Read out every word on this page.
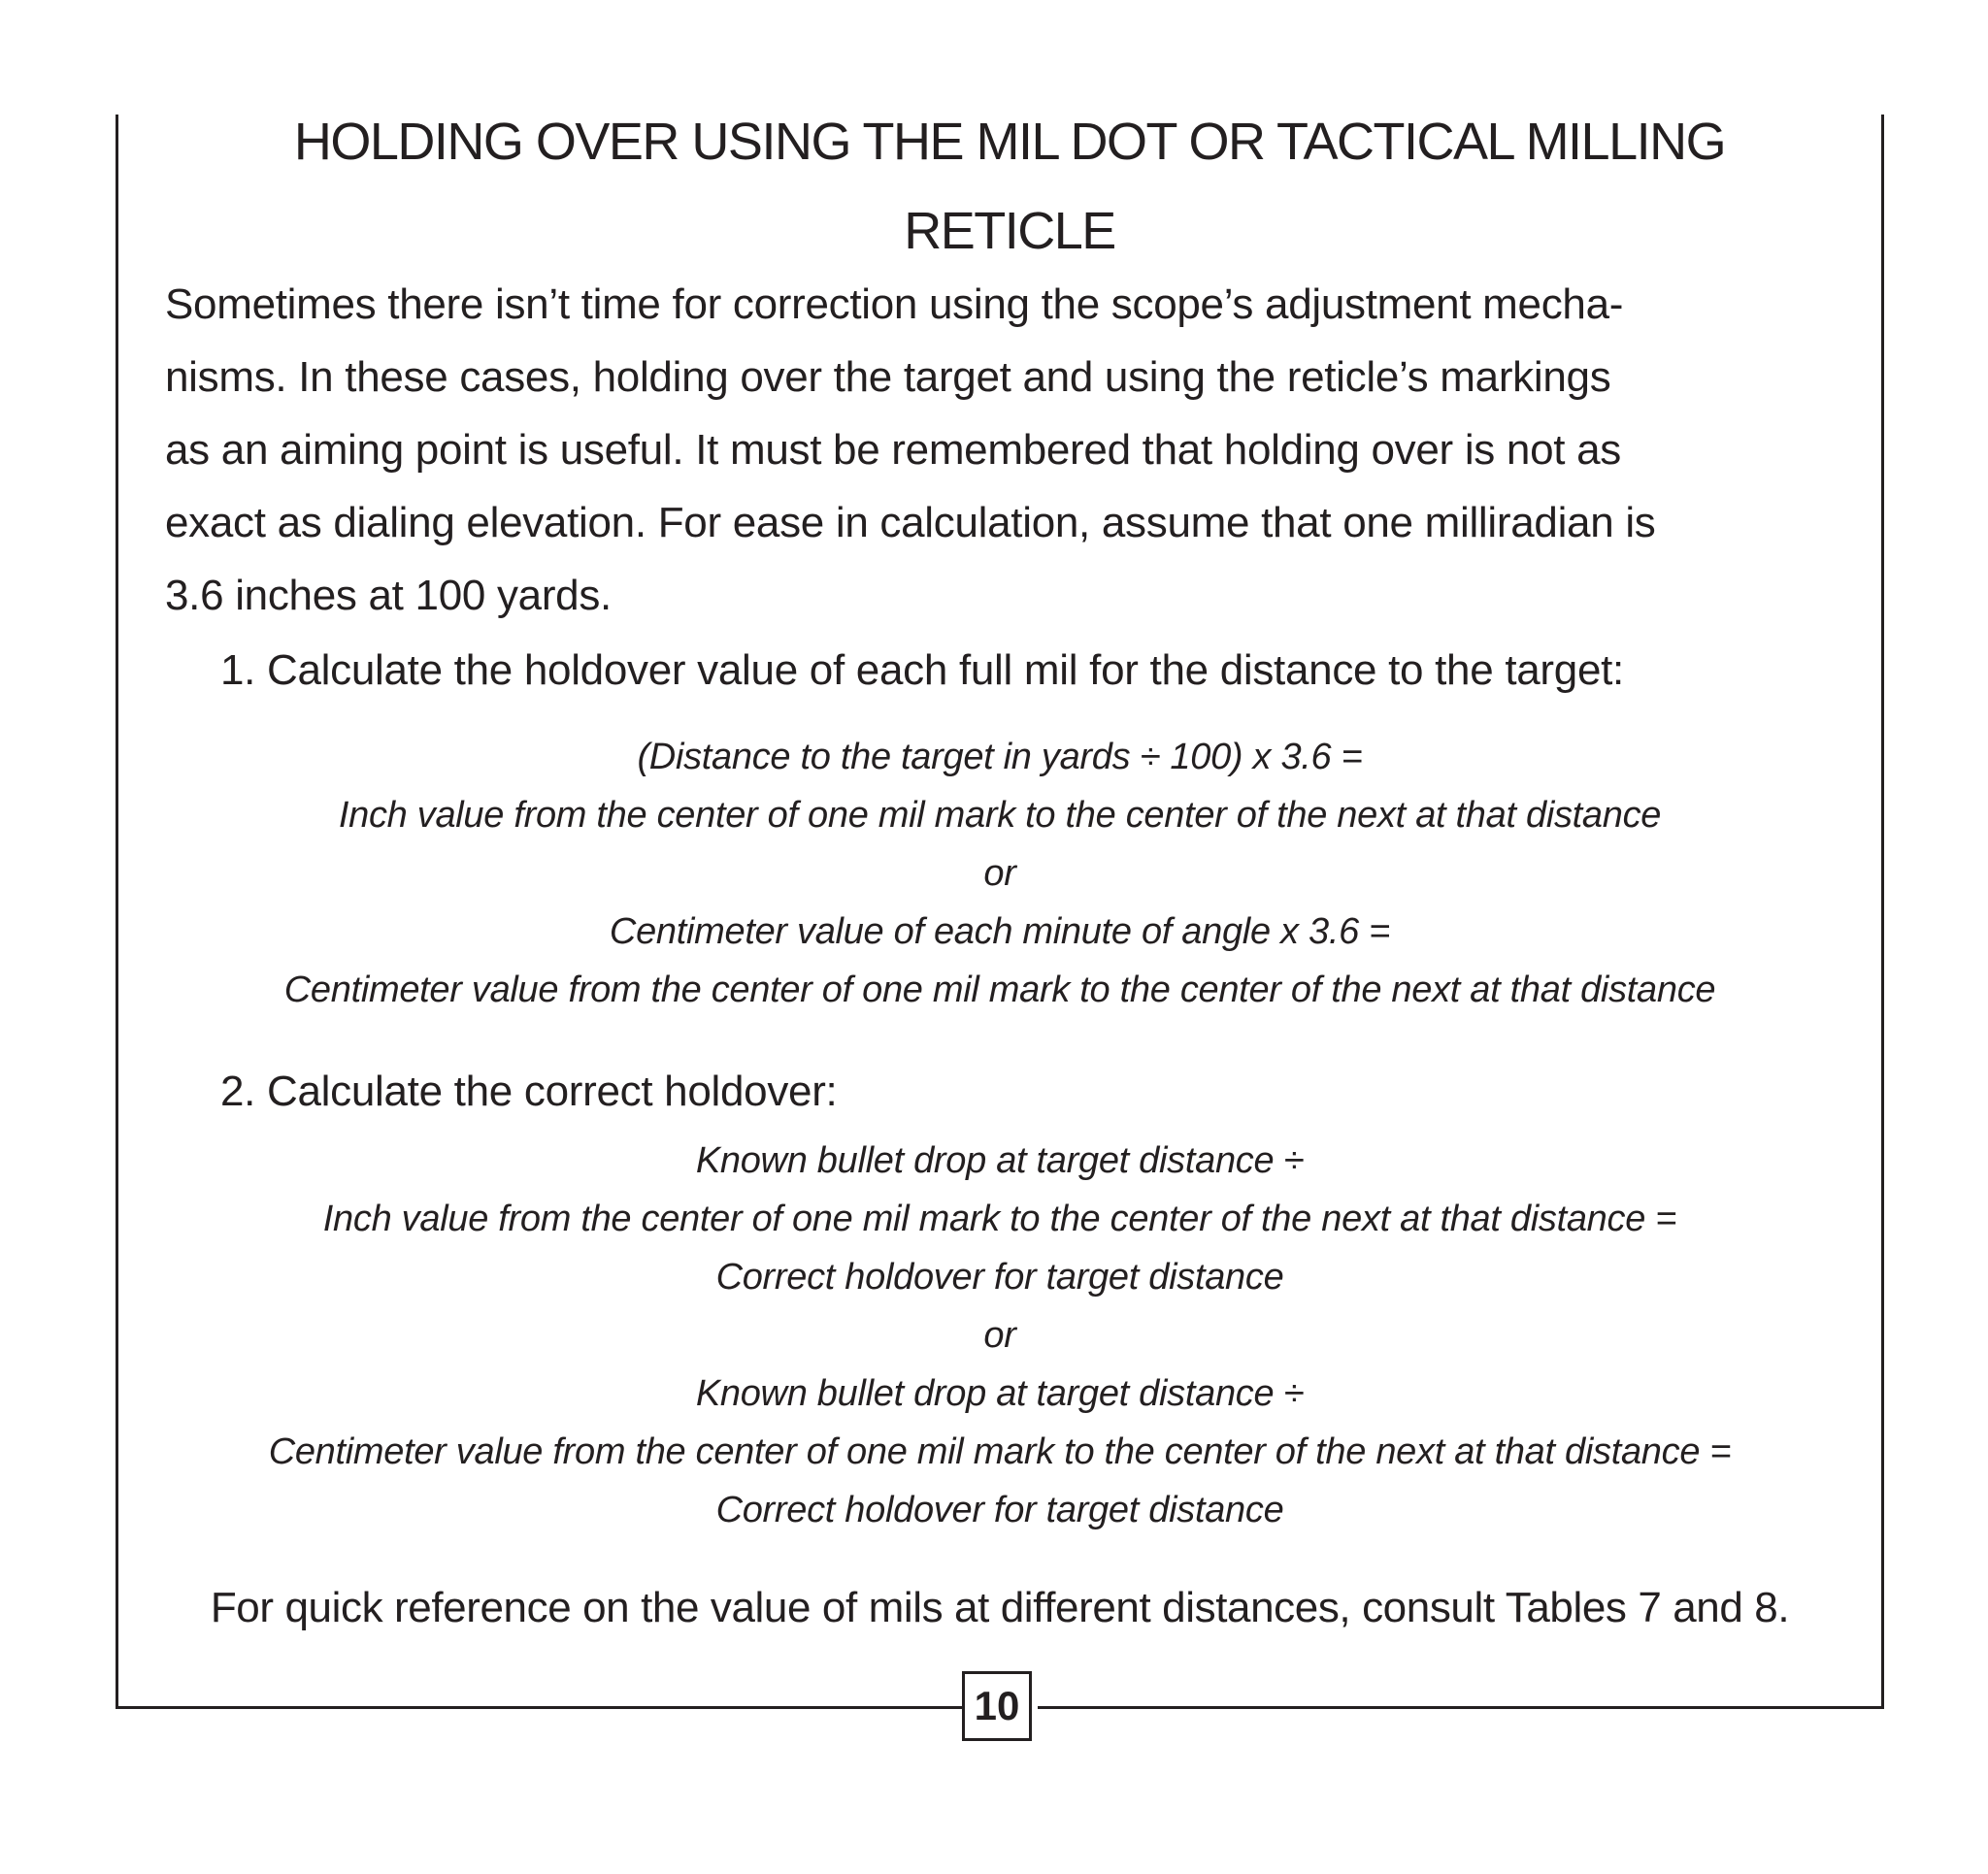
HOLDING OVER USING THE MIL DOT OR TACTICAL MILLING
RETICLE
Sometimes there isn’t time for correction using the scope’s adjustment mecha-
nisms. In these cases, holding over the target and using the reticle’s markings
as an aiming point is useful. It must be remembered that holding over is not as
exact as dialing elevation. For ease in calculation, assume that one milliradian is
3.6 inches at 100 yards.

1. Calculate the holdover value of each full mil for the distance to the target:

(Distance to the target in yards ÷ 100) x 3.6 =
Inch value from the center of one mil mark to the center of the next at that distance
or
Centimeter value of each minute of angle x 3.6 =
Centimeter value from the center of one mil mark to the center of the next at that distance

2. Calculate the correct holdover:

Known bullet drop at target distance ÷
Inch value from the center of one mil mark to the center of the next at that distance =
Correct holdover for target distance
or
Known bullet drop at target distance ÷
Centimeter value from the center of one mil mark to the center of the next at that distance =
Correct holdover for target distance

For quick reference on the value of mils at different distances, consult Tables 7 and 8.

10
